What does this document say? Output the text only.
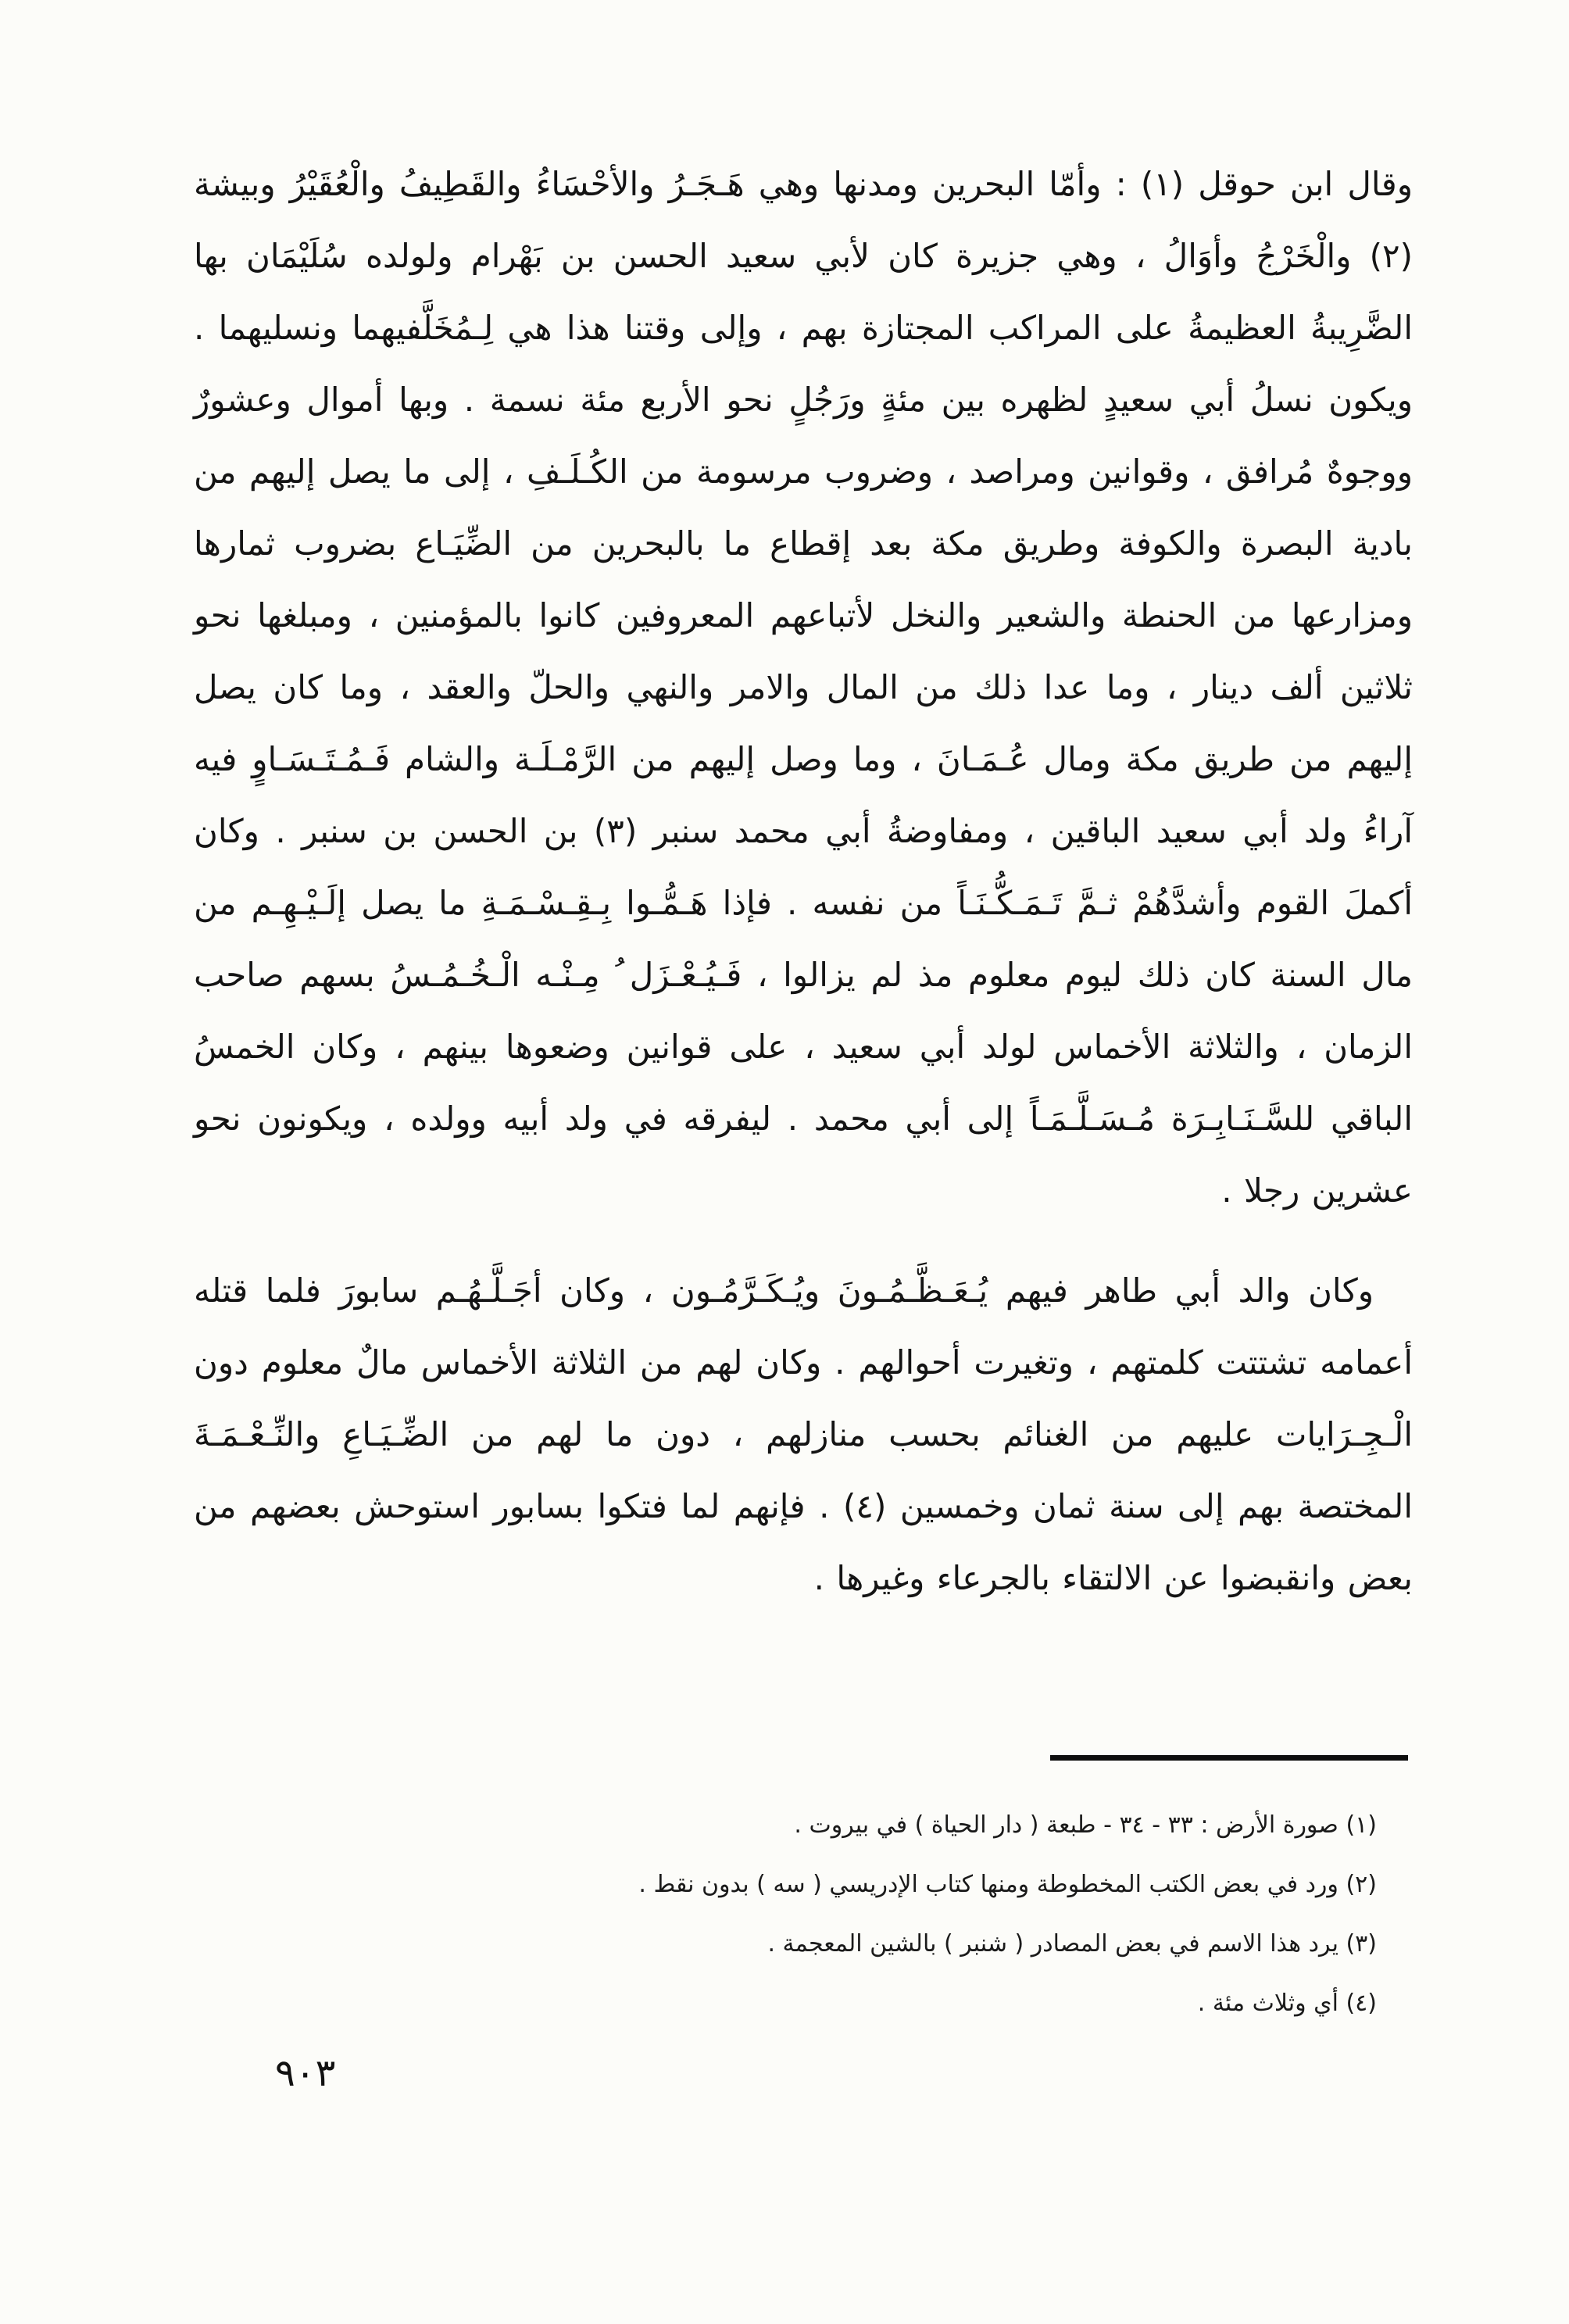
وقال ابن حوقل (١) : وأمّا البحرين ومدنها وهي هَـجَـرُ والأحْسَاءُ والقَطِيفُ والْعُقَيْرُ وبيشة (٢) والْخَرْجُ وأوَالُ ، وهي جزيرة كان لأبي سعيد الحسن بن بَهْرام ولولده سُلَيْمَان بها الضَّرِيبةُ العظيمةُ على المراكب المجتازة بهم ، وإلى وقتنا هذا هي لِـمُخَلَّفيهما ونسليهما . ويكون نسلُ أبي سعيدٍ لظهره بين مئةٍ ورَجُلٍ نحو الأربع مئة نسمة . وبها أموال وعشورٌ ووجوهٌ مُرافق ، وقوانين ومراصد ، وضروب مرسومة من الكُـلَـفِ ، إلى ما يصل إليهم من بادية البصرة والكوفة وطريق مكة بعد إقطاع ما بالبحرين من الضِّيَـاع بضروب ثمارها ومزارعها من الحنطة والشعير والنخل لأتباعهم المعروفين كانوا بالمؤمنين ، ومبلغها نحو ثلاثين ألف دينار ، وما عدا ذلك من المال والامر والنهي والحلّ والعقد ، وما كان يصل إليهم من طريق مكة ومال عُـمَـانَ ، وما وصل إليهم من الرَّمْـلَـة والشام فَـمُـتَـسَـاوٍ فيه آراءُ ولد أبي سعيد الباقين ، ومفاوضةُ أبي محمد سنبر (٣) بن الحسن بن سنبر . وكان أكملَ القوم وأشدَّهُمْ ثـمَّ تَـمَـكُّـنَـاً من نفسه . فإذا هَـمُّـوا بِـقِـسْـمَـةِ ما يصل إلَـيْـهِـم من مال السنة كان ذلك ليوم معلوم مذ لم يزالوا ، فَـيُـعْـزَل ُ مِـنْـه الْـخُـمُـسُ بسهم صاحب الزمان ، والثلاثة الأخماس لولد أبي سعيد ، على قوانين وضعوها بينهم ، وكان الخمسُ الباقي للسَّـنَـابِـرَة مُـسَـلَّـمَـاً إلى أبي محمد . ليفرقه في ولد أبيه وولده ، ويكونون نحو عشرين رجلا .

وكان والد أبي طاهر فيهم يُـعَـظَّـمُـونَ ويُـكَـرَّمُـون ، وكان أجَـلَّـهُـم سابورَ فلما قتله أعمامه تشتتت كلمتهم ، وتغيرت أحوالهم . وكان لهم من الثلاثة الأخماس مالٌ معلوم دون الْـجِـرَايات عليهم من الغنائم بحسب منازلهم ، دون ما لهم من الضِّـيَـاعِ والنِّـعْـمَـةَ المختصة بهم إلى سنة ثمان وخمسين (٤) . فإنهم لما فتكوا بسابور استوحش بعضهم من بعض وانقبضوا عن الالتقاء بالجرعاء وغيرها .

(١) صورة الأرض : ٣٣ - ٣٤ - طبعة ( دار الحياة ) في بيروت .
(٢) ورد في بعض الكتب المخطوطة ومنها كتاب الإدريسي ( سه ) بدون نقط .
(٣) يرد هذا الاسم في بعض المصادر ( شنبر ) بالشين المعجمة .
(٤) أي وثلاث مئة .
٩٠٣
